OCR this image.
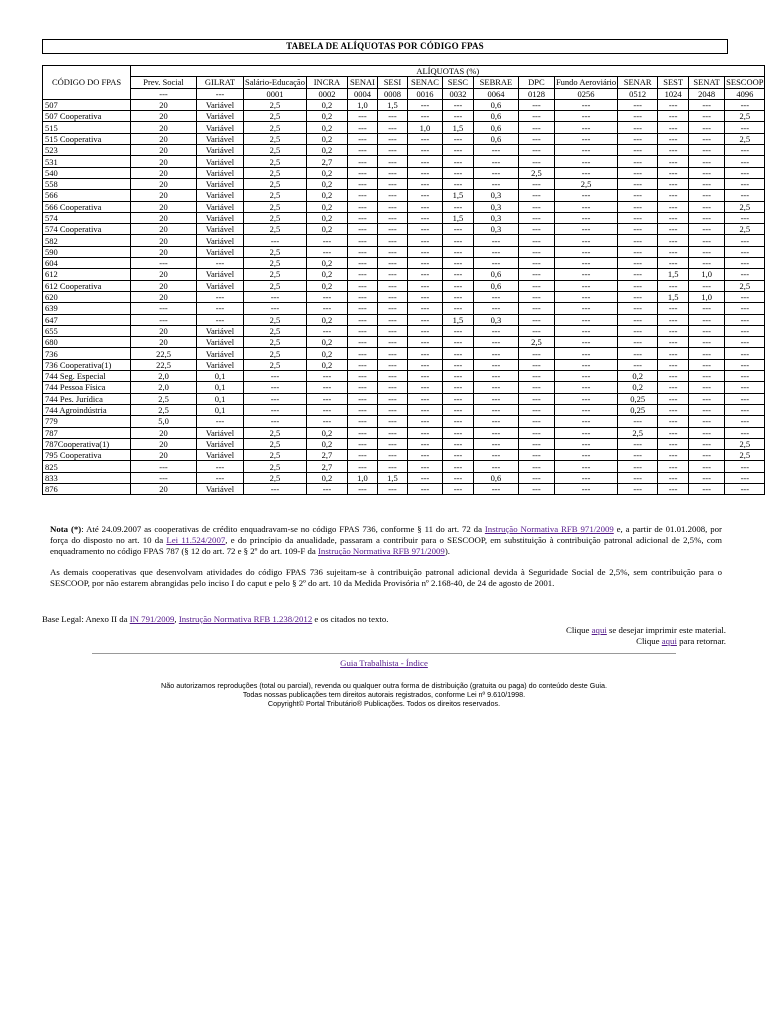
TABELA DE ALÍQUOTAS POR CÓDIGO FPAS
CÓDIGO DO FPAS	ALÍQUOTAS (%)														
	Prev. Social	GILRAT	Salário-Educação	INCRA	SENAI	SESI	SENAC	SESC	SEBRAE	DPC	Fundo Aeroviário	SENAR	SEST	SENAT	SESCOOP
	---	---	0001	0002	0004	0008	0016	0032	0064	0128	0256	0512	1024	2048	4096
507	20	Variável	2,5	0,2	1,0	1,5	---	---	0,6	---	---	---	---	---	---
507 Cooperativa	20	Variável	2,5	0,2	---	---	---	---	0,6	---	---	---	---	---	2,5
515	20	Variável	2,5	0,2	---	---	1,0	1,5	0,6	---	---	---	---	---	---
515 Cooperativa	20	Variável	2,5	0,2	---	---	---	---	0,6	---	---	---	---	---	2,5
523	20	Variável	2,5	0,2	---	---	---	---	---	---	---	---	---	---	---
531	20	Variável	2,5	2,7	---	---	---	---	---	---	---	---	---	---	---
540	20	Variável	2,5	0,2	---	---	---	---	---	2,5	---	---	---	---	---
558	20	Variável	2,5	0,2	---	---	---	---	---	---	2,5	---	---	---	---
566	20	Variável	2,5	0,2	---	---	---	1,5	0,3	---	---	---	---	---	---
566 Cooperativa	20	Variável	2,5	0,2	---	---	---	---	0,3	---	---	---	---	---	2,5
574	20	Variável	2,5	0,2	---	---	---	1,5	0,3	---	---	---	---	---	---
574 Cooperativa	20	Variável	2,5	0,2	---	---	---	---	0,3	---	---	---	---	---	2,5
582	20	Variável	---	---	---	---	---	---	---	---	---	---	---	---	---
590	20	Variável	2,5	---	---	---	---	---	---	---	---	---	---	---	---
604	---	---	2,5	0,2	---	---	---	---	---	---	---	---	---	---	---
612	20	Variável	2,5	0,2	---	---	---	---	0,6	---	---	---	1,5	1,0	---
612 Cooperativa	20	Variável	2,5	0,2	---	---	---	---	0,6	---	---	---	---	---	2,5
620	20	---	---	---	---	---	---	---	---	---	---	---	1,5	1,0	---
639	---	---	---	---	---	---	---	---	---	---	---	---	---	---	---
647	---	---	2,5	0,2	---	---	---	1,5	0,3	---	---	---	---	---	---
655	20	Variável	2,5	---	---	---	---	---	---	---	---	---	---	---	---
680	20	Variável	2,5	0,2	---	---	---	---	---	2,5	---	---	---	---	---
736	22,5	Variável	2,5	0,2	---	---	---	---	---	---	---	---	---	---	---
736 Cooperativa(1)	22,5	Variável	2,5	0,2	---	---	---	---	---	---	---	---	---	---	---
744 Seg. Especial	2,0	0,1	---	---	---	---	---	---	---	---	---	0,2	---	---	---
744 Pessoa Física	2,0	0,1	---	---	---	---	---	---	---	---	---	0,2	---	---	---
744 Pes. Jurídica	2,5	0,1	---	---	---	---	---	---	---	---	---	0,25	---	---	---
744 Agroindústria	2,5	0,1	---	---	---	---	---	---	---	---	---	0,25	---	---	---
779	5,0	---	---	---	---	---	---	---	---	---	---	---	---	---	---
787	20	Variável	2,5	0,2	---	---	---	---	---	---	---	2,5	---	---	---
787Cooperativa(1)	20	Variável	2,5	0,2	---	---	---	---	---	---	---	---	---	---	2,5
795 Cooperativa	20	Variável	2,5	2,7	---	---	---	---	---	---	---	---	---	---	2,5
825	---	---	2,5	2,7	---	---	---	---	---	---	---	---	---	---	---
833	---	---	2,5	0,2	1,0	1,5	---	---	0,6	---	---	---	---	---	---
876	20	Variável	---	---	---	---	---	---	---	---	---	---	---	---	---

Nota (*): Até 24.09.2007 as cooperativas de crédito enquadravam-se no código FPAS 736, conforme § 11 do art. 72 da Instrução Normativa RFB 971/2009 e, a partir de 01.01.2008, por força do disposto no art. 10 da Lei 11.524/2007, e do princípio da anualidade, passaram a contribuir para o SESCOOP, em substituição à contribuição patronal adicional de 2,5%, com enquadramento no código FPAS 787 (§ 12 do art. 72 e § 2º do art. 109-F da Instrução Normativa RFB 971/2009).

As demais cooperativas que desenvolvam atividades do código FPAS 736 sujeitam-se à contribuição patronal adicional devida à Seguridade Social de 2,5%, sem contribuição para o SESCOOP, por não estarem abrangidas pelo inciso I do caput e pelo § 2º do art. 10 da Medida Provisória nº 2.168-40, de 24 de agosto de 2001.

Base Legal: Anexo II da IN 791/2009, Instrução Normativa RFB 1.238/2012 e os citados no texto.
Clique aqui se desejar imprimir este material.
Clique aqui para retornar.
Guia Trabalhista - Índice
Não autorizamos reproduções (total ou parcial), revenda ou qualquer outra forma de distribuição (gratuita ou paga) do conteúdo deste Guia.
Todas nossas publicações tem direitos autorais registrados, conforme Lei nº 9.610/1998.
Copyright© Portal Tributário® Publicações. Todos os direitos reservados.
